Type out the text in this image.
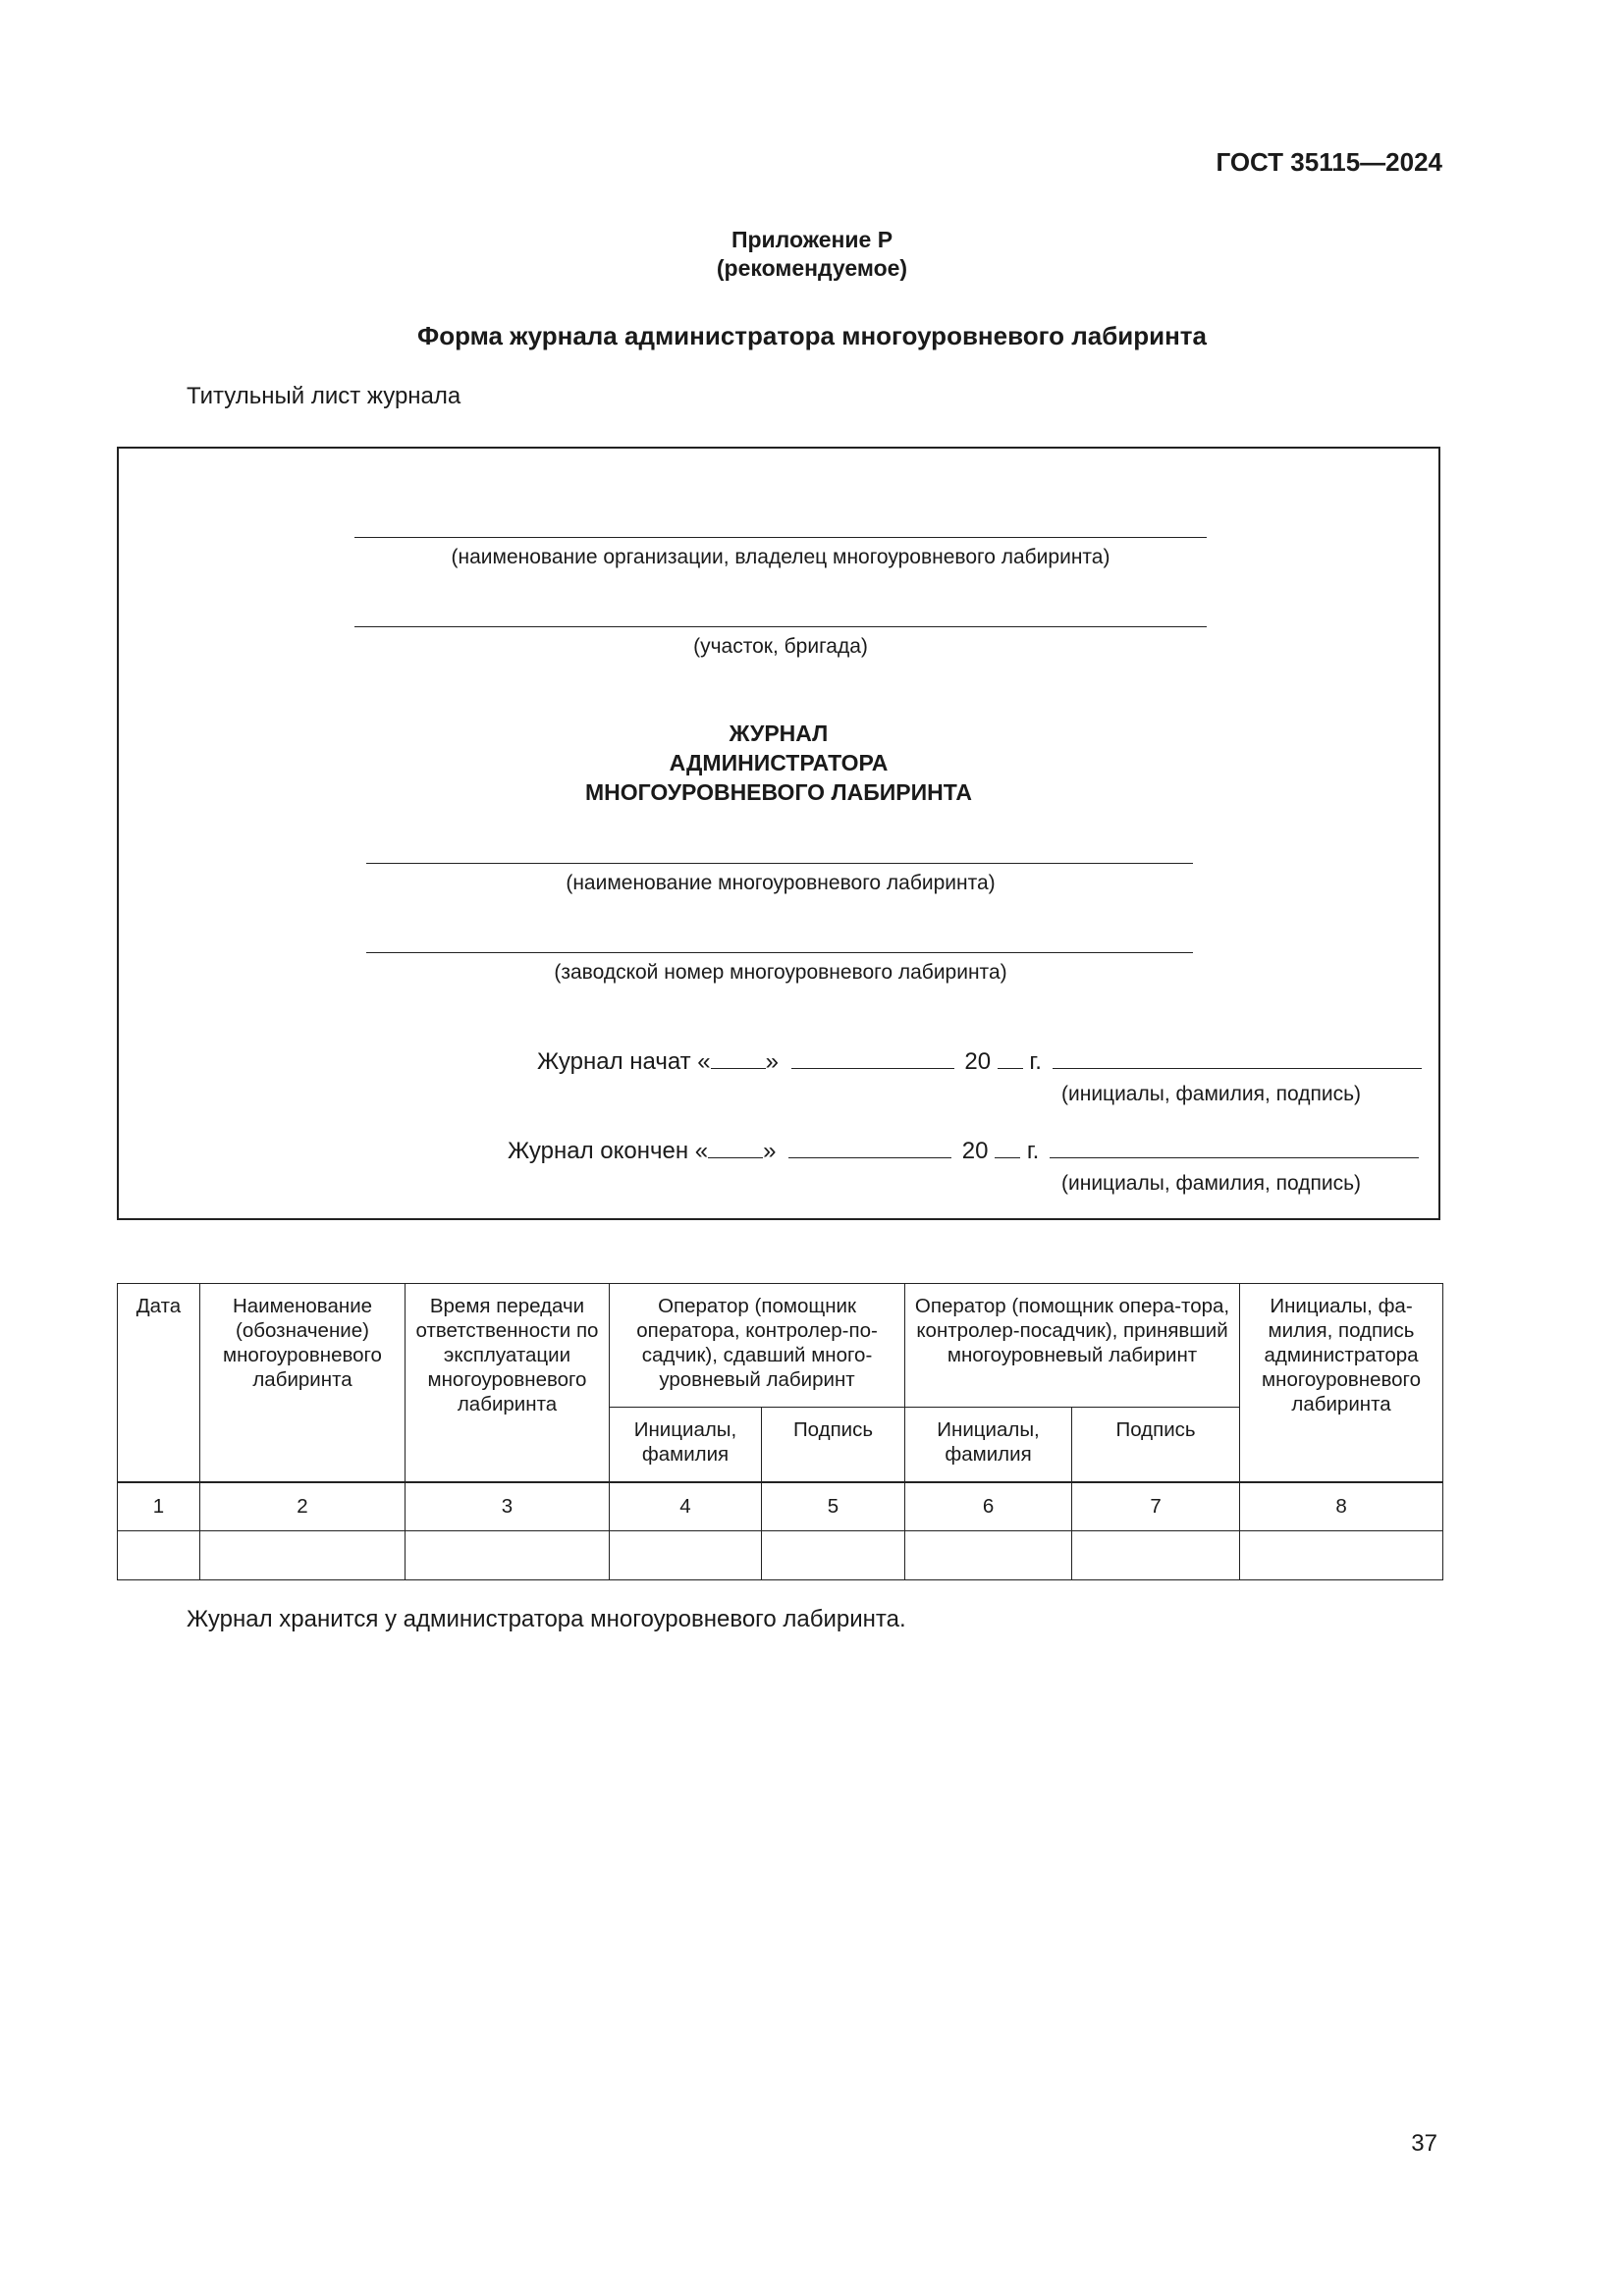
ГОСТ 35115—2024
Приложение Р
(рекомендуемое)
Форма журнала администратора многоуровневого лабиринта
Титульный лист журнала
(наименование организации, владелец многоуровневого лабиринта)
(участок, бригада)
ЖУРНАЛ
АДМИНИСТРАТОРА
МНОГОУРОВНЕВОГО ЛАБИРИНТА
(наименование многоуровневого лабиринта)
(заводской номер многоуровневого лабиринта)
Журнал начат « »	20 г.
(инициалы, фамилия, подпись)
Журнал окончен « »	20 г.
(инициалы, фамилия, подпись)
Дата	Наименование (обозначение) многоуровневого лабиринта	Время передачи ответственности по эксплуатации многоуровневого лабиринта	Оператор (помощник оператора, контролер-по-садчик), сдавший много-уровневый лабиринт		Оператор (помощник опера-тора, контролер-посадчик), принявший многоуровневый лабиринт		Инициалы, фа-милия, подпись администратора многоуровневого лабиринта
			Инициалы, фамилия	Подпись	Инициалы, фамилия	Подпись	
1	2	3	4	5	6	7	8

Журнал хранится у администратора многоуровневого лабиринта.
37
